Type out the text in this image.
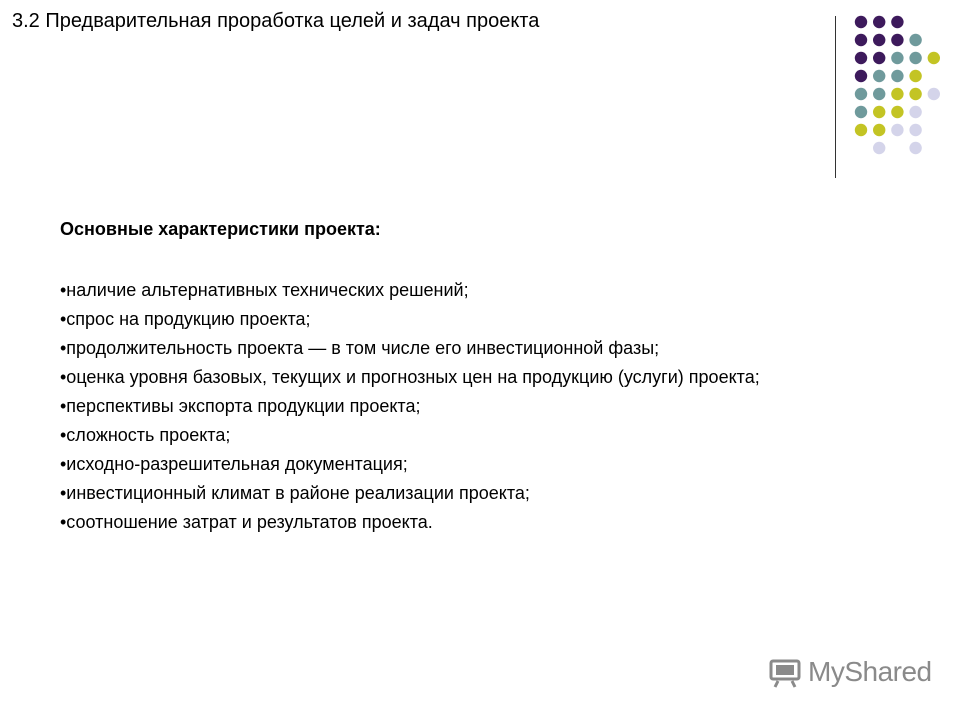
3.2 Предварительная проработка целей и задач проекта
Основные характеристики проекта:
•наличие альтернативных технических решений;
•спрос на продукцию проекта;
•продолжительность проекта — в том числе его инвестиционной фазы;
•оценка уровня базовых, текущих и прогнозных цен на продукцию (услуги) проекта;
•перспективы экспорта продукции проекта;
•сложность проекта;
•исходно-разрешительная документация;
•инвестиционный климат в районе реализации проекта;
•соотношение затрат и результатов проекта.
MyShared
